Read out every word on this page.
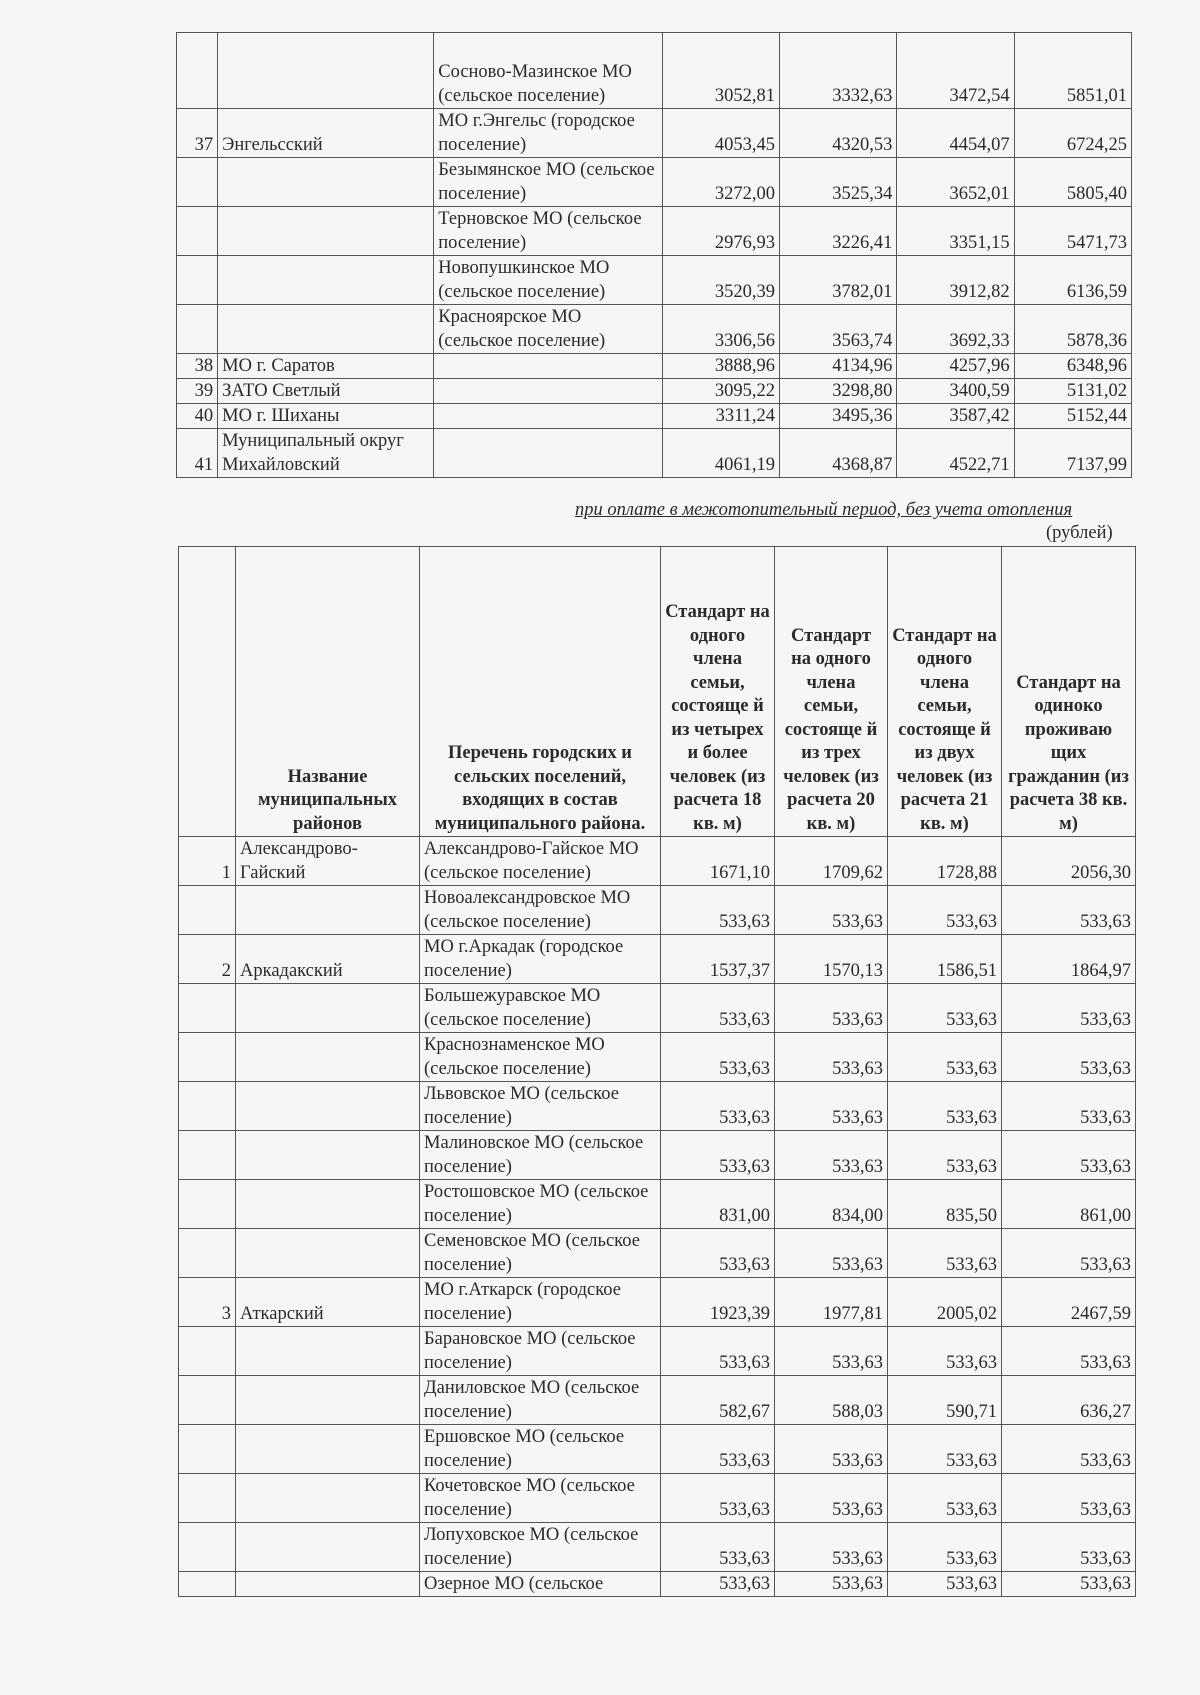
		Сосново-Мазинское МО (сельское поселение)	3052,81	3332,63	3472,54	5851,01
37	Энгельсский	МО г.Энгельс (городское поселение)	4053,45	4320,53	4454,07	6724,25
		Безымянское МО (сельское поселение)	3272,00	3525,34	3652,01	5805,40
		Терновское МО (сельское поселение)	2976,93	3226,41	3351,15	5471,73
		Новопушкинское МО (сельское поселение)	3520,39	3782,01	3912,82	6136,59
		Красноярское МО (сельское поселение)	3306,56	3563,74	3692,33	5878,36
38	МО г. Саратов		3888,96	4134,96	4257,96	6348,96
39	ЗАТО Светлый		3095,22	3298,80	3400,59	5131,02
40	МО г. Шиханы		3311,24	3495,36	3587,42	5152,44
41	Муниципальный округ Михайловский		4061,19	4368,87	4522,71	7137,99
при оплате в межотопительный период, без учета отопления
(рублей)
	Название муниципальных районов	Перечень городских и сельских поселений, входящих в состав муниципального района.	Стандарт на одного члена семьи, состояще й из четырех и более человек (из расчета 18 кв. м)	Стандарт на одного члена семьи, состояще й из трех человек (из расчета 20 кв. м)	Стандарт на одного члена семьи, состояще й из двух человек (из расчета 21 кв. м)	Стандарт на одиноко проживаю щих гражданин (из расчета 38 кв. м)
1	Александрово-Гайский	Александрово-Гайское МО (сельское поселение)	1671,10	1709,62	1728,88	2056,30
		Новоалександровское МО (сельское поселение)	533,63	533,63	533,63	533,63
2	Аркадакский	МО г.Аркадак (городское поселение)	1537,37	1570,13	1586,51	1864,97
		Большежуравское МО (сельское поселение)	533,63	533,63	533,63	533,63
		Краснознаменское МО (сельское поселение)	533,63	533,63	533,63	533,63
		Львовское МО (сельское поселение)	533,63	533,63	533,63	533,63
		Малиновское МО (сельское поселение)	533,63	533,63	533,63	533,63
		Ростошовское МО (сельское поселение)	831,00	834,00	835,50	861,00
		Семеновское МО (сельское поселение)	533,63	533,63	533,63	533,63
3	Аткарский	МО г.Аткарск (городское поселение)	1923,39	1977,81	2005,02	2467,59
		Барановское МО (сельское поселение)	533,63	533,63	533,63	533,63
		Даниловское МО (сельское поселение)	582,67	588,03	590,71	636,27
		Ершовское МО (сельское поселение)	533,63	533,63	533,63	533,63
		Кочетовское МО (сельское поселение)	533,63	533,63	533,63	533,63
		Лопуховское МО (сельское поселение)	533,63	533,63	533,63	533,63
		Озерное МО (сельское	533,63	533,63	533,63	533,63
